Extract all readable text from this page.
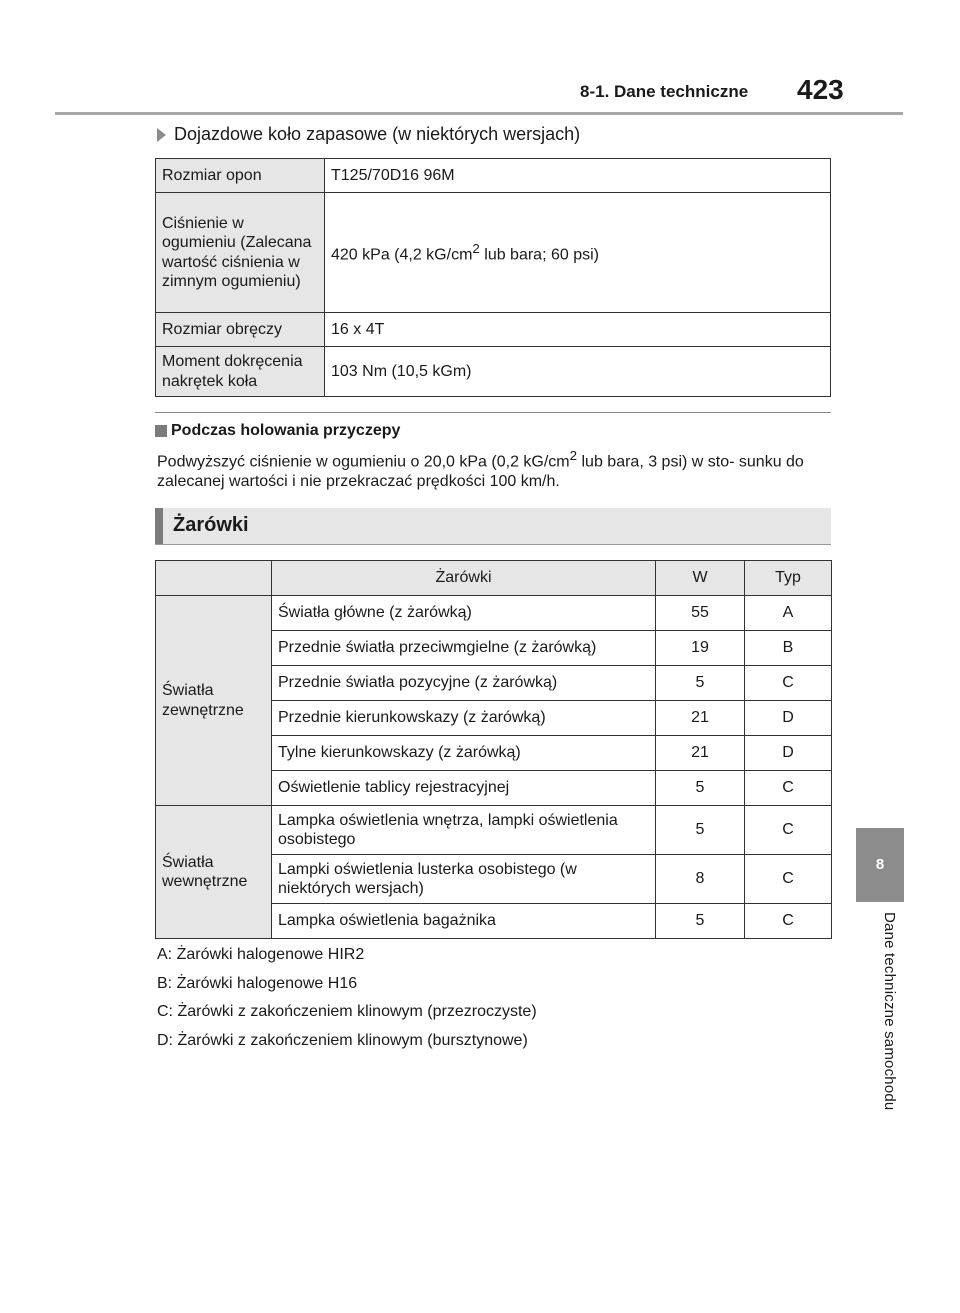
8-1. Dane techniczne 423
8
Dane techniczne samochodu
Dojazdowe koło zapasowe (w niektórych wersjach)
Rozmiar opon	T125/70D16 96M
Ciśnienie w ogumieniu (Zalecana wartość ciśnienia w zimnym ogumieniu)	420 kPa (4,2 $kG/cm^2$ lub bara; 60 psi)
Rozmiar obręczy	16 x 4T
Moment dokręcenia nakrętek koła	103 Nm (10,5 kGm)
Podczas holowania przyczepy
Podwyższyć ciśnienie w ogumieniu o 20,0 kPa (0,2 $kG/cm^2$ lub bara, 3 psi) w sto- sunku do zalecanej wartości i nie przekraczać prędkości 100 km/h.
Żarówki
	Żarówki	W	Typ
Światła zewnętrzne	Światła główne (z żarówką)	55	A
	Przednie światła przeciwmgielne (z żarówką)	19	B
	Przednie światła pozycyjne (z żarówką)	5	C
	Przednie kierunkowskazy (z żarówką)	21	D
	Tylne kierunkowskazy (z żarówką)	21	D
	Oświetlenie tablicy rejestracyjnej	5	C
Światła wewnętrzne	Lampka oświetlenia wnętrza, lampki oświetlenia osobistego	5	C
	Lampki oświetlenia lusterka osobistego (w niektórych wersjach)	8	C
	Lampka oświetlenia bagażnika	5	C
A: Żarówki halogenowe HIR2
B: Żarówki halogenowe H16
C: Żarówki z zakończeniem klinowym (przezroczyste)
D: Żarówki z zakończeniem klinowym (bursztynowe)
